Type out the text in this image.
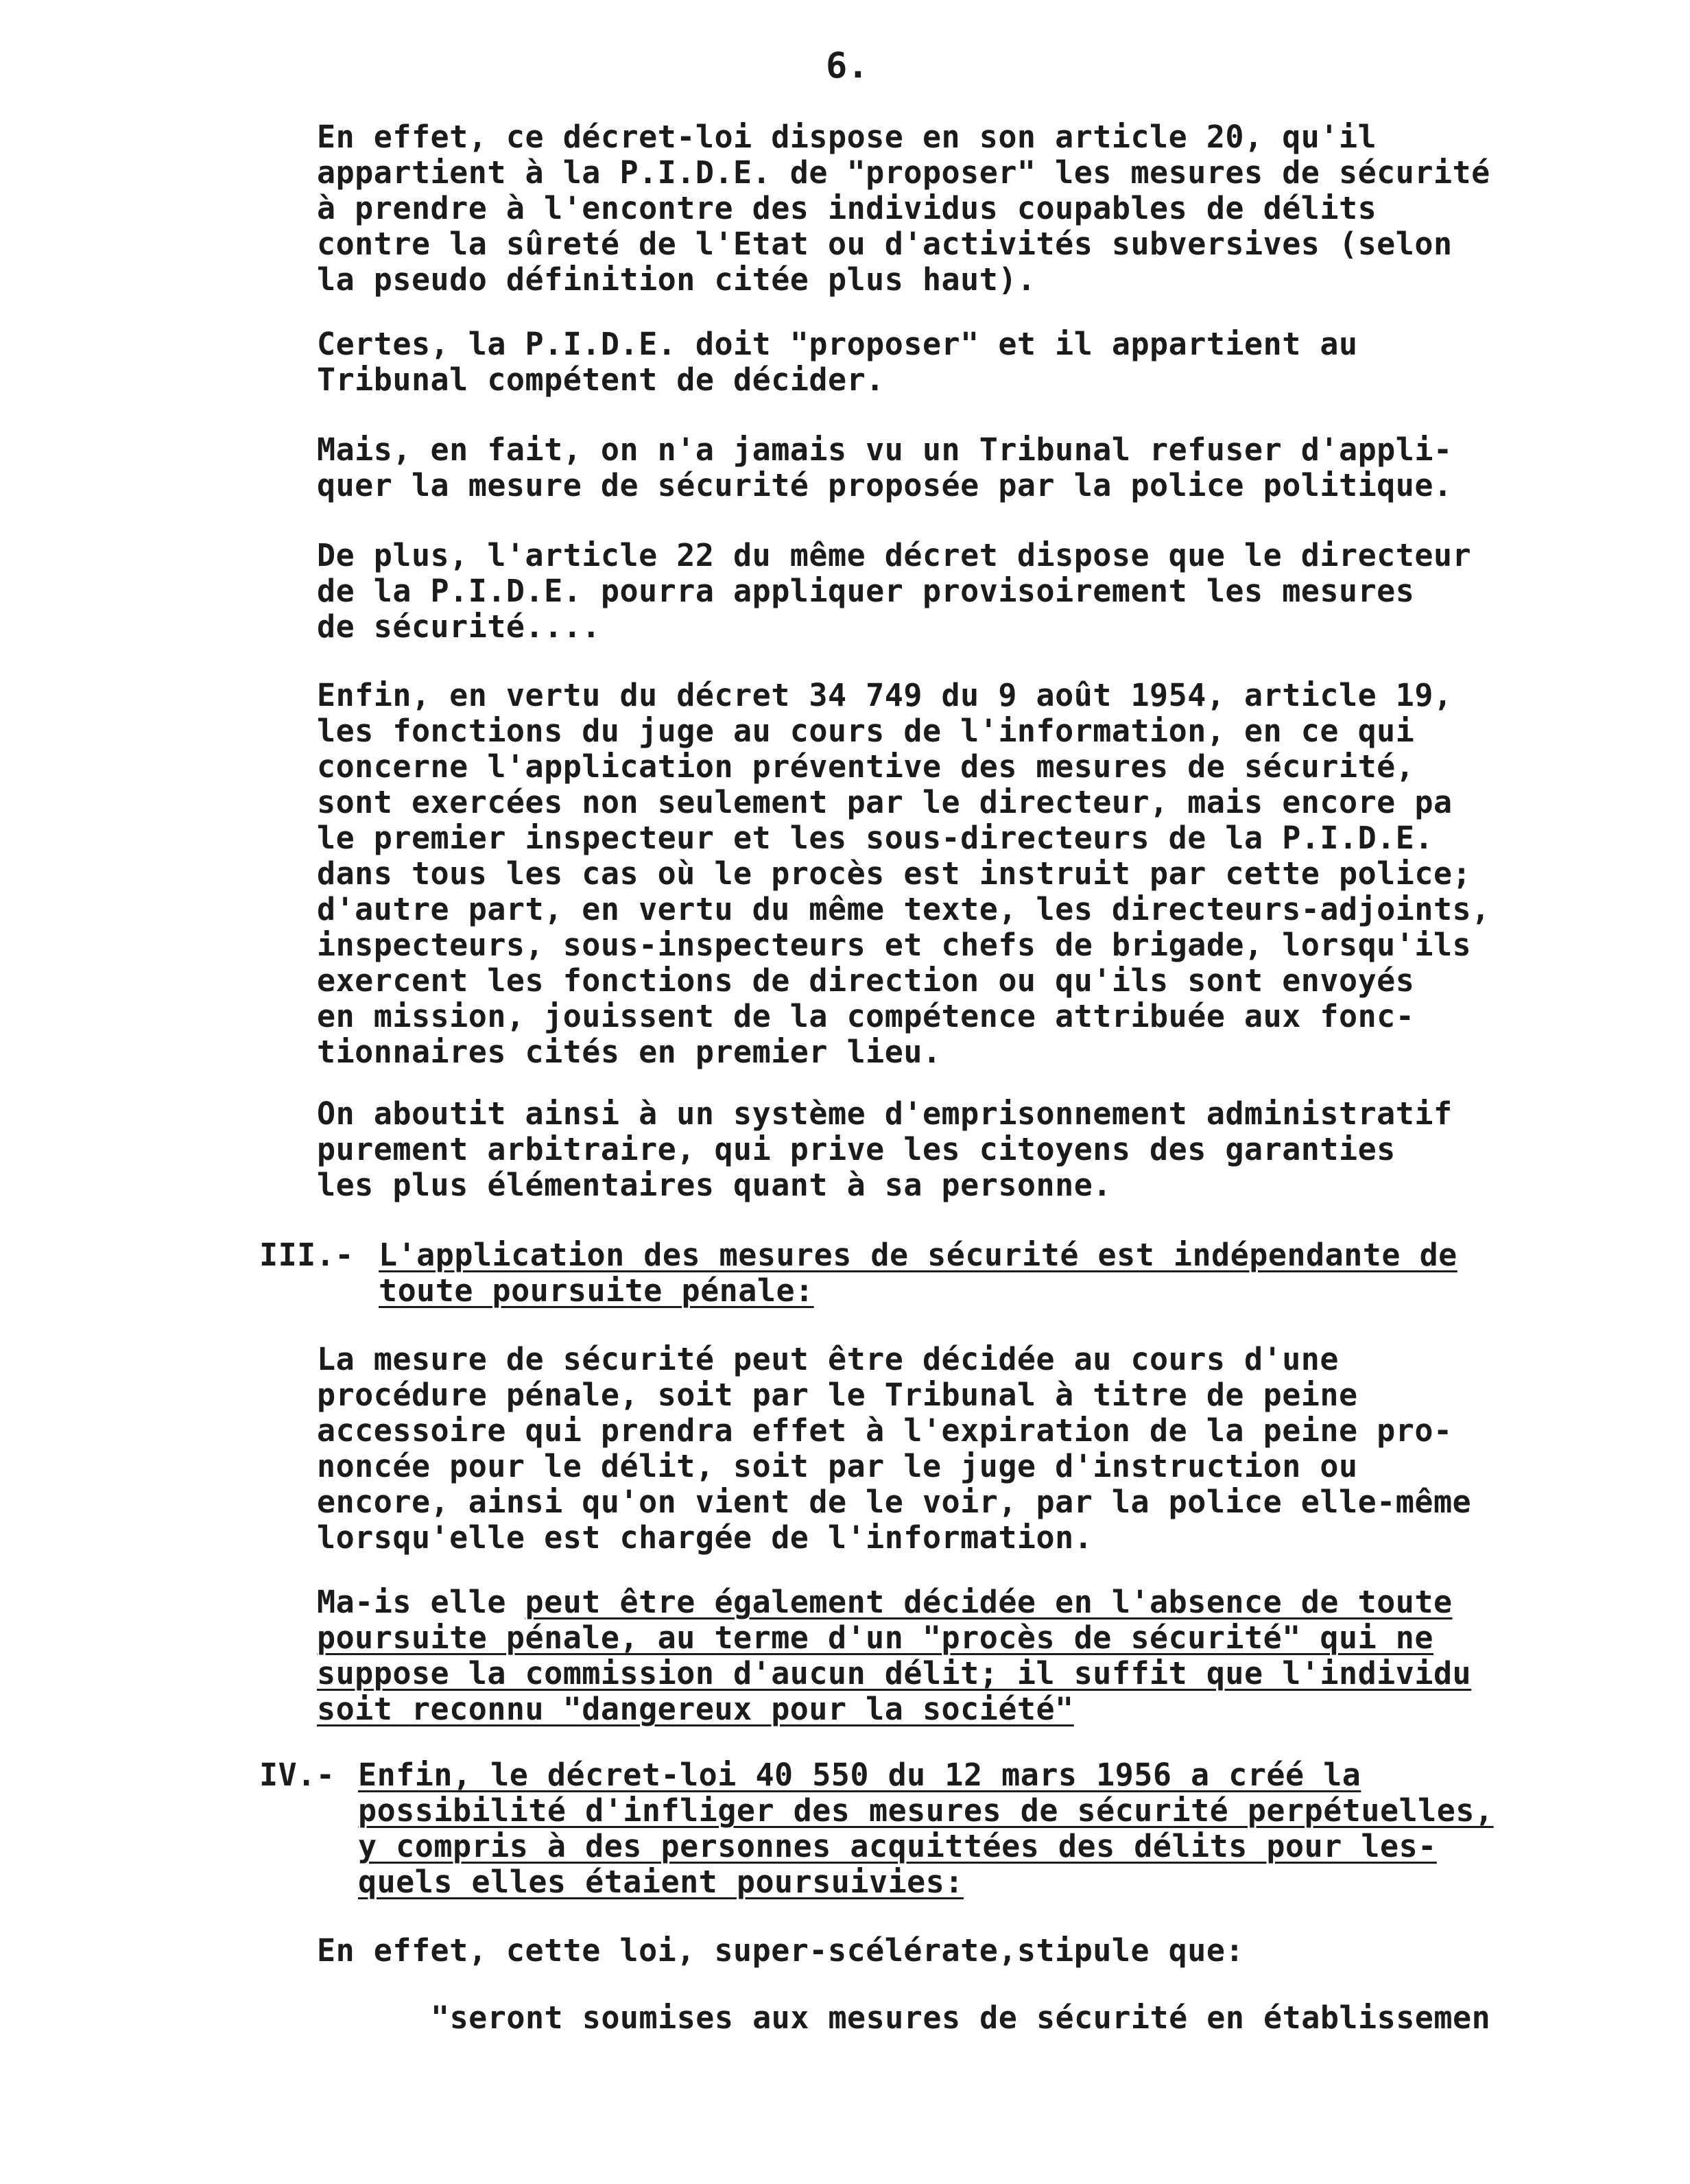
6.
En effet, ce décret-loi dispose en son article 20, qu'il
appartient à la P.I.D.E. de "proposer" les mesures de sécurité
à prendre à l'encontre des individus coupables de délits
contre la sûreté de l'Etat ou d'activités subversives (selon
la pseudo définition citée plus haut).
Certes, la P.I.D.E. doit "proposer" et il appartient au
Tribunal compétent de décider.
Mais, en fait, on n'a jamais vu un Tribunal refuser d'appli-
quer la mesure de sécurité proposée par la police politique.
De plus, l'article 22 du même décret dispose que le directeur
de la P.I.D.E. pourra appliquer provisoirement les mesures
de sécurité....
Enfin, en vertu du décret 34 749 du 9 août 1954, article 19,
les fonctions du juge au cours de l'information, en ce qui
concerne l'application préventive des mesures de sécurité,
sont exercées non seulement par le directeur, mais encore pa
le premier inspecteur et les sous-directeurs de la P.I.D.E.
dans tous les cas où le procès est instruit par cette police;
d'autre part, en vertu du même texte, les directeurs-adjoints,
inspecteurs, sous-inspecteurs et chefs de brigade, lorsqu'ils
exercent les fonctions de direction ou qu'ils sont envoyés
en mission, jouissent de la compétence attribuée aux fonc-
tionnaires cités en premier lieu.
On aboutit ainsi à un système d'emprisonnement administratif
purement arbitraire, qui prive les citoyens des garanties
les plus élémentaires quant à sa personne.
III.- L'application des mesures de sécurité est indépendante de
toute poursuite pénale:
La mesure de sécurité peut être décidée au cours d'une
procédure pénale, soit par le Tribunal à titre de peine
accessoire qui prendra effet à l'expiration de la peine pro-
noncée pour le délit, soit par le juge d'instruction ou
encore, ainsi qu'on vient de le voir, par la police elle-même
lorsqu'elle est chargée de l'information.
Ma-is elle peut être également décidée en l'absence de toute
poursuite pénale, au terme d'un "procès de sécurité" qui ne
suppose la commission d'aucun délit; il suffit que l'individu
soit reconnu "dangereux pour la société"
IV.- Enfin, le décret-loi 40 550 du 12 mars 1956 a créé la
possibilité d'infliger des mesures de sécurité perpétuelles,
y compris à des personnes acquittées des délits pour les-
quels elles étaient poursuivies:
En effet, cette loi, super-scélérate,stipule que:
"seront soumises aux mesures de sécurité en établissemen
